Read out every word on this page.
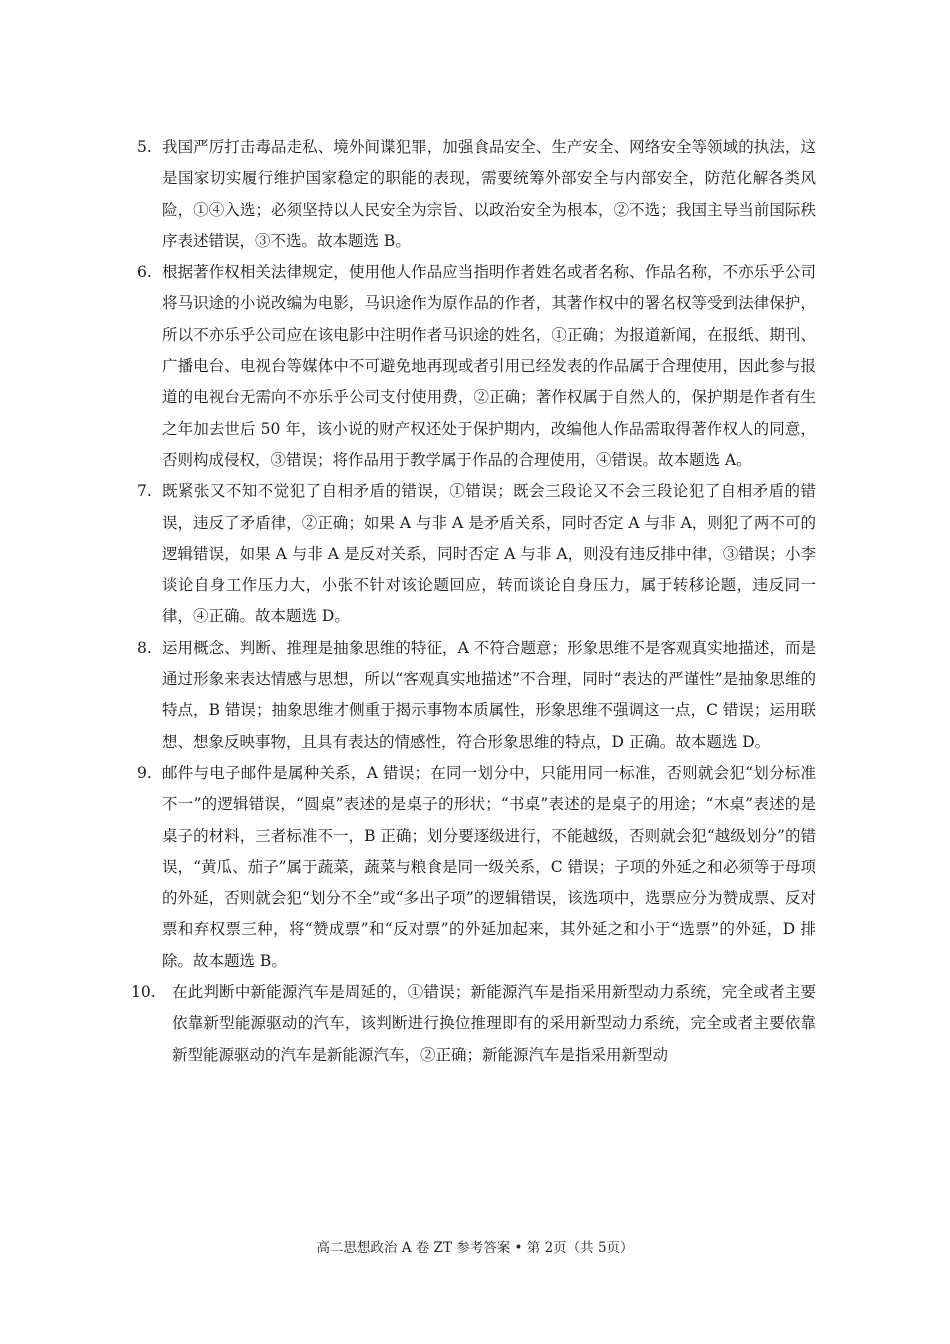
5. 我国严厉打击毒品走私、境外间谍犯罪，加强食品安全、生产安全、网络安全等领域的执法，这是国家切实履行维护国家稳定的职能的表现，需要统筹外部安全与内部安全，防范化解各类风险，①④入选；必须坚持以人民安全为宗旨、以政治安全为根本，②不选；我国主导当前国际秩序表述错误，③不选。故本题选 B。
6. 根据著作权相关法律规定，使用他人作品应当指明作者姓名或者名称、作品名称，不亦乐乎公司将马识途的小说改编为电影，马识途作为原作品的作者，其著作权中的署名权等受到法律保护，所以不亦乐乎公司应在该电影中注明作者马识途的姓名，①正确；为报道新闻，在报纸、期刊、广播电台、电视台等媒体中不可避免地再现或者引用已经发表的作品属于合理使用，因此参与报道的电视台无需向不亦乐乎公司支付使用费，②正确；著作权属于自然人的，保护期是作者有生之年加去世后 50 年，该小说的财产权还处于保护期内，改编他人作品需取得著作权人的同意，否则构成侵权，③错误；将作品用于教学属于作品的合理使用，④错误。故本题选 A。
7. 既紧张又不知不觉犯了自相矛盾的错误，①错误；既会三段论又不会三段论犯了自相矛盾的错误，违反了矛盾律，②正确；如果 A 与非 A 是矛盾关系，同时否定 A 与非 A，则犯了两不可的逻辑错误，如果 A 与非 A 是反对关系，同时否定 A 与非 A，则没有违反排中律，③错误；小李谈论自身工作压力大，小张不针对该论题回应，转而谈论自身压力，属于转移论题，违反同一律，④正确。故本题选 D。
8. 运用概念、判断、推理是抽象思维的特征，A 不符合题意；形象思维不是客观真实地描述，而是通过形象来表达情感与思想，所以“客观真实地描述”不合理，同时“表达的严谨性”是抽象思维的特点，B 错误；抽象思维才侧重于揭示事物本质属性，形象思维不强调这一点，C 错误；运用联想、想象反映事物，且具有表达的情感性，符合形象思维的特点，D 正确。故本题选 D。
9. 邮件与电子邮件是属种关系，A 错误；在同一划分中，只能用同一标准，否则就会犯“划分标准不一”的逻辑错误，“圆桌”表述的是桌子的形状；“书桌”表述的是桌子的用途；“木桌”表述的是桌子的材料，三者标准不一，B 正确；划分要逐级进行，不能越级，否则就会犯“越级划分”的错误，“黄瓜、茄子”属于蔬菜，蔬菜与粮食是同一级关系，C 错误；子项的外延之和必须等于母项的外延，否则就会犯“划分不全”或“多出子项”的逻辑错误，该选项中，选票应分为赞成票、反对票和弃权票三种，将“赞成票”和“反对票”的外延加起来，其外延之和小于“选票”的外延，D 排除。故本题选 B。
10.	在此判断中新能源汽车是周延的，①错误；新能源汽车是指采用新型动力系统，完全或者主要依靠新型能源驱动的汽车，该判断进行换位推理即有的采用新型动力系统，完全或者主要依靠新型能源驱动的汽车是新能源汽车，②正确；新能源汽车是指采用新型动
高二思想政治 A 卷 ZT 参考答案 • 第 2页（共 5页）
